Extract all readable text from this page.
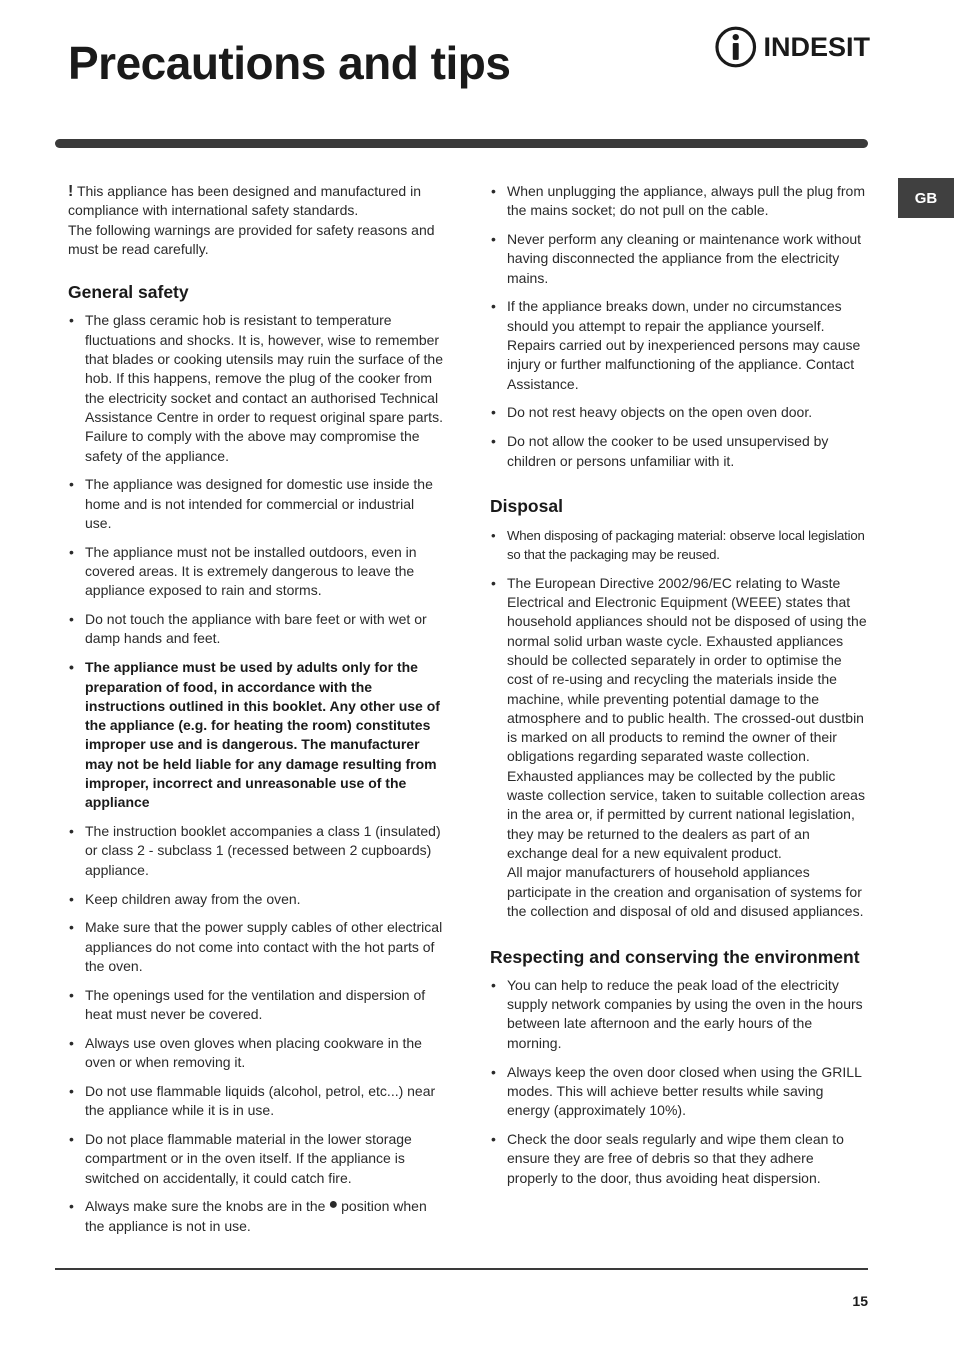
Precautions and tips	INDESIT
GB

! This appliance has been designed and manufactured in compliance with international safety standards.

The following warnings are provided for safety reasons and must be read carefully.

General safety
• The glass ceramic hob is resistant to temperature fluctuations and shocks. It is, however, wise to remember that blades or cooking utensils may ruin the surface of the hob. If this happens, remove the plug of the cooker from the electricity socket and contact an authorised Technical Assistance Centre in order to request original spare parts. Failure to comply with the above may compromise the safety of the appliance.
• The appliance was designed for domestic use inside the home and is not intended for commercial or industrial use.
• The appliance must not be installed outdoors, even in covered areas. It is extremely dangerous to leave the appliance exposed to rain and storms.
• Do not touch the appliance with bare feet or with wet or damp hands and feet.
• The appliance must be used by adults only for the preparation of food, in accordance with the instructions outlined in this booklet. Any other use of the appliance (e.g. for heating the room) constitutes improper use and is dangerous. The manufacturer may not be held liable for any damage resulting from improper, incorrect and unreasonable use of the appliance
• The instruction booklet accompanies a class 1 (insulated) or class 2 - subclass 1 (recessed between 2 cupboards) appliance.
• Keep children away from the oven.
• Make sure that the power supply cables of other electrical appliances do not come into contact with the hot parts of the oven.
• The openings used for the ventilation and dispersion of heat must never be covered.
• Always use oven gloves when placing cookware in the oven or when removing it.
• Do not use flammable liquids (alcohol, petrol, etc...) near the appliance while it is in use.
• Do not place flammable material in the lower storage compartment or in the oven itself. If the appliance is switched on accidentally, it could catch fire.
• Always make sure the knobs are in the ● position when the appliance is not in use.
• When unplugging the appliance, always pull the plug from the mains socket; do not pull on the cable.
• Never perform any cleaning or maintenance work without having disconnected the appliance from the electricity mains.
• If the appliance breaks down, under no circumstances should you attempt to repair the appliance yourself. Repairs carried out by inexperienced persons may cause injury or further malfunctioning of the appliance. Contact Assistance.
• Do not rest heavy objects on the open oven door.
• Do not allow the cooker to be used unsupervised by children or persons unfamiliar with it.
Disposal
• When disposing of packaging material: observe local legislation so that the packaging may be reused.
• The European Directive 2002/96/EC relating to Waste Electrical and Electronic Equipment (WEEE) states that household appliances should not be disposed of using the normal solid urban waste cycle. Exhausted appliances should be collected separately in order to optimise the cost of re-using and recycling the materials inside the machine, while preventing potential damage to the atmosphere and to public health. The crossed-out dustbin is marked on all products to remind the owner of their obligations regarding separated waste collection.
Exhausted appliances may be collected by the public waste collection service, taken to suitable collection areas in the area or, if permitted by current national legislation, they may be returned to the dealers as part of an exchange deal for a new equivalent product.
All major manufacturers of household appliances participate in the creation and organisation of systems for the collection and disposal of old and disused appliances.
Respecting and conserving the environment
• You can help to reduce the peak load of the electricity supply network companies by using the oven in the hours between late afternoon and the early hours of the morning.
• Always keep the oven door closed when using the GRILL modes. This will achieve better results while saving energy (approximately 10%).
• Check the door seals regularly and wipe them clean to ensure they are free of debris so that they adhere properly to the door, thus avoiding heat dispersion.
15
